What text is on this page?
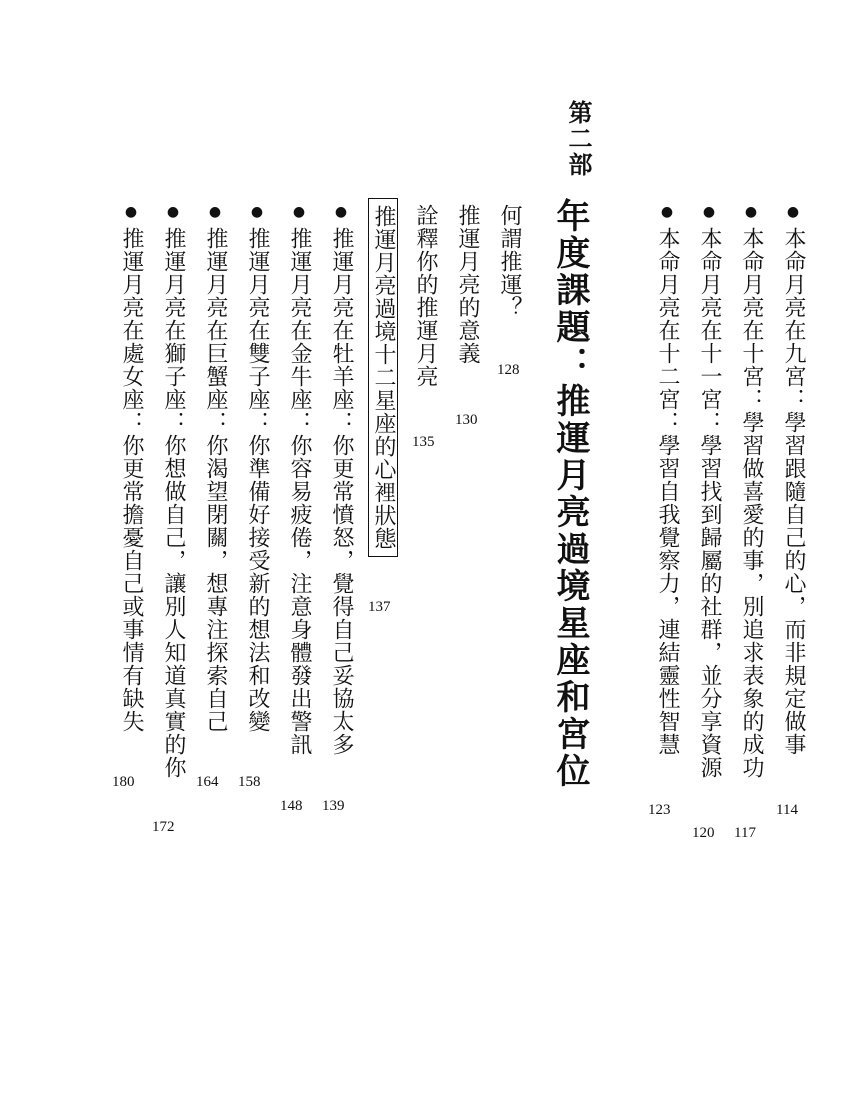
第二部
年度課題：推運月亮過境星座和宮位	●本命月亮在九宮：學習跟隨自己的心，而非規定做事
114
●本命月亮在十宮：學習做喜愛的事，別追求表象的成功
117
●本命月亮在十一宮：學習找到歸屬的社群，並分享資源
120
●本命月亮在十二宮：學習自我覺察力，連結靈性智慧
123
何謂推運？
128
推運月亮的意義
130
詮釋你的推運月亮
135
推運月亮過境十二星座的心裡狀態
137
●推運月亮在牡羊座：你更常憤怒，覺得自己妥協太多
139
●推運月亮在金牛座：你容易疲倦，注意身體發出警訊
148
●推運月亮在雙子座：你準備好接受新的想法和改變
158
●推運月亮在巨蟹座：你渴望閉關，想專注探索自己
164
●推運月亮在獅子座：你想做自己，讓別人知道真實的你
172
●推運月亮在處女座：你更常擔憂自己或事情有缺失
180
